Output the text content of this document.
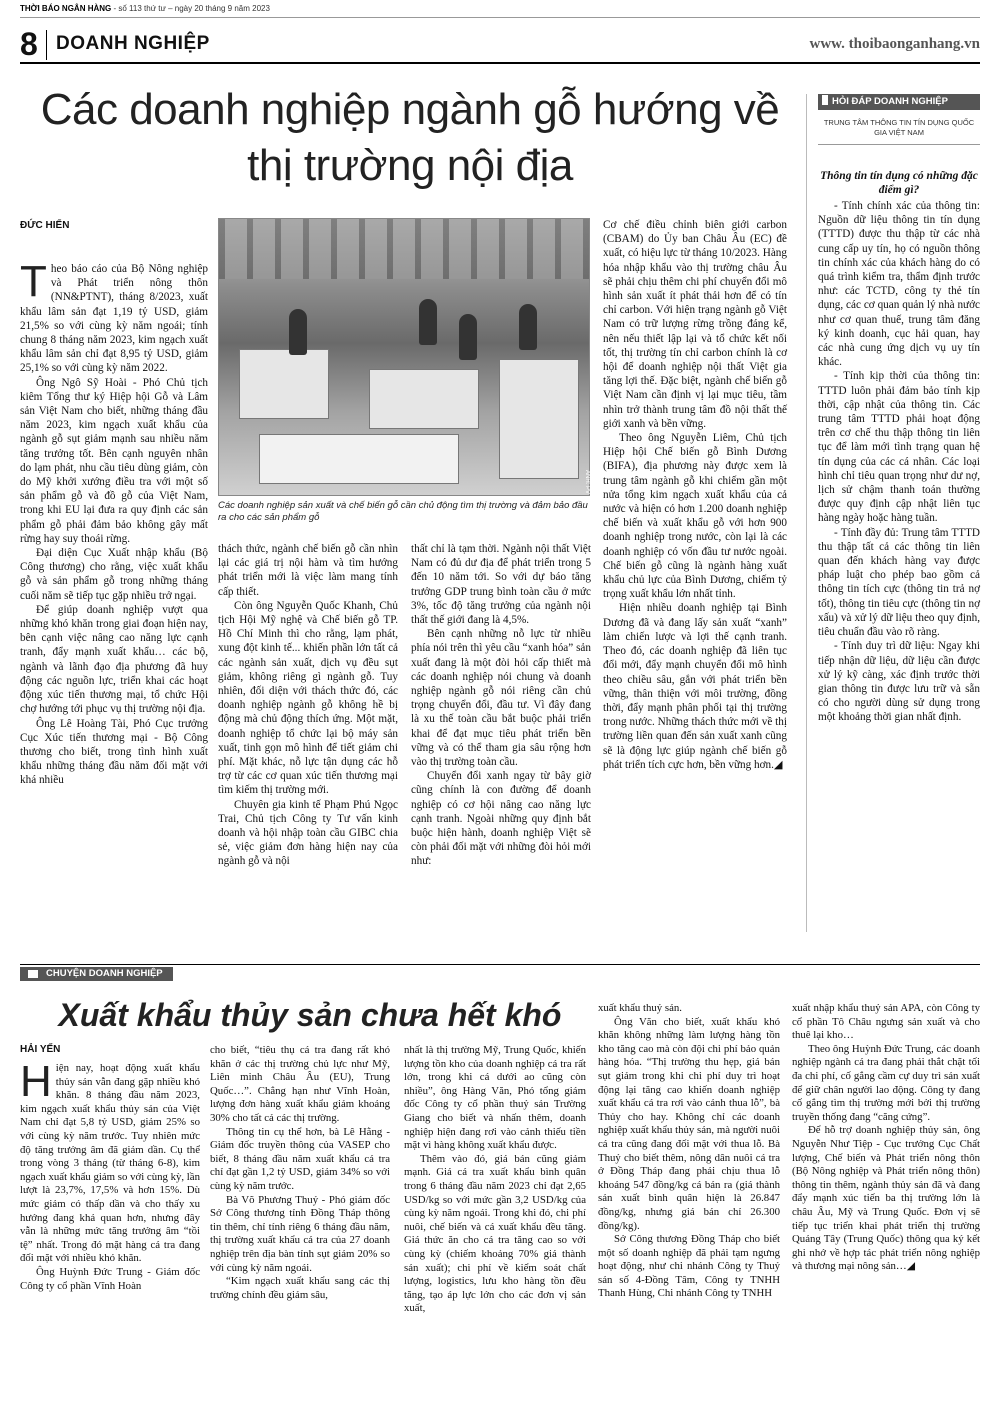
THỜI BÁO NGÂN HÀNG - số 113 thứ tư – ngày 20 tháng 9 năm 2023
8 DOANH NGHIỆP	www. thoibaonganhang.vn
Các doanh nghiệp ngành gỗ hướng về thị trường nội địa
ĐỨC HIỂN

Theo báo cáo của Bộ Nông nghiệp và Phát triển nông thôn (NN&PTNT), tháng 8/2023, xuất khẩu lâm sản đạt 1,19 tỷ USD, giảm 21,5% so với cùng kỳ năm ngoái; tính chung 8 tháng năm 2023, kim ngạch xuất khẩu lâm sản chỉ đạt 8,95 tỷ USD, giảm 25,1% so với cùng kỳ năm 2022.

Ông Ngô Sỹ Hoài - Phó Chủ tịch kiêm Tổng thư ký Hiệp hội Gỗ và Lâm sản Việt Nam cho biết, những tháng đầu năm 2023, kim ngạch xuất khẩu của ngành gỗ sụt giảm mạnh sau nhiều năm tăng trưởng tốt. Bên cạnh nguyên nhân do lạm phát, nhu cầu tiêu dùng giảm, còn do Mỹ khởi xướng điều tra với một số sản phẩm gỗ và đồ gỗ của Việt Nam, trong khi EU lại đưa ra quy định các sản phẩm gỗ phải đảm bảo không gây mất rừng hay suy thoái rừng.

Đại diện Cục Xuất nhập khẩu (Bộ Công thương) cho rằng, việc xuất khẩu gỗ và sản phẩm gỗ trong những tháng cuối năm sẽ tiếp tục gặp nhiều trở ngại.

Để giúp doanh nghiệp vượt qua những khó khăn trong giai đoạn hiện nay, bên cạnh việc nâng cao năng lực cạnh tranh, đẩy mạnh xuất khẩu… các bộ, ngành và lãnh đạo địa phương đã huy động các nguồn lực, triển khai các hoạt động xúc tiến thương mại, tổ chức Hội chợ hướng tới phục vụ thị trường nội địa.

Ông Lê Hoàng Tài, Phó Cục trưởng Cục Xúc tiến thương mại - Bộ Công thương cho biết, trong tình hình xuất khẩu những tháng đầu năm đối mặt với khá nhiều

ẢNH: PV
Các doanh nghiệp sản xuất và chế biến gỗ cần chủ động tìm thị trường và đảm bảo đầu ra cho các sản phẩm gỗ

thách thức, ngành chế biến gỗ cần nhìn lại các giá trị nội hàm và tìm hướng phát triển mới là việc làm mang tính cấp thiết.

Còn ông Nguyễn Quốc Khanh, Chủ tịch Hội Mỹ nghệ và Chế biến gỗ TP. Hồ Chí Minh thì cho rằng, lạm phát, xung đột kinh tế... khiến phần lớn tất cả các ngành sản xuất, dịch vụ đều sụt giảm, không riêng gì ngành gỗ. Tuy nhiên, đối diện với thách thức đó, các doanh nghiệp ngành gỗ không hề bị động mà chủ động thích ứng. Một mặt, doanh nghiệp tổ chức lại bộ máy sản xuất, tinh gọn mô hình để tiết giảm chi phí. Mặt khác, nỗ lực tận dụng các hỗ trợ từ các cơ quan xúc tiến thương mại tìm kiếm thị trường mới.

Chuyên gia kinh tế Phạm Phú Ngọc Trai, Chủ tịch Công ty Tư vấn kinh doanh và hội nhập toàn cầu GIBC chia sẻ, việc giảm đơn hàng hiện nay của ngành gỗ và nội

thất chỉ là tạm thời. Ngành nội thất Việt Nam có đủ dư địa để phát triển trong 5 đến 10 năm tới. So với dự báo tăng trưởng GDP trung bình toàn cầu ở mức 3%, tốc độ tăng trưởng của ngành nội thất thế giới đang là 4,5%.

Bên cạnh những nỗ lực từ nhiều phía nói trên thì yêu cầu “xanh hóa” sản xuất đang là một đòi hỏi cấp thiết mà các doanh nghiệp nói chung và doanh nghiệp ngành gỗ nói riêng cần chủ trọng chuyển đổi, đầu tư. Vì đây đang là xu thế toàn cầu bắt buộc phải triển khai để đạt mục tiêu phát triển bền vững và có thể tham gia sâu rộng hơn vào thị trường toàn cầu.

Chuyển đổi xanh ngay từ bây giờ cũng chính là con đường để doanh nghiệp có cơ hội nâng cao năng lực cạnh tranh. Ngoài những quy định bắt buộc hiện hành, doanh nghiệp Việt sẽ còn phải đối mặt với những đòi hỏi mới như:

Cơ chế điều chỉnh biên giới carbon (CBAM) do Ủy ban Châu Âu (EC) đề xuất, có hiệu lực từ tháng 10/2023. Hàng hóa nhập khẩu vào thị trường châu Âu sẽ phải chịu thêm chi phí chuyển đổi mô hình sản xuất ít phát thải hơn để có tín chỉ carbon. Với hiện trạng ngành gỗ Việt Nam có trữ lượng rừng trồng đáng kể, nên nếu thiết lập lại và tổ chức kết nối tốt, thị trường tín chỉ carbon chính là cơ hội để doanh nghiệp nội thất Việt gia tăng lợi thế. Đặc biệt, ngành chế biến gỗ Việt Nam cần định vị lại mục tiêu, tầm nhìn trở thành trung tâm đồ nội thất thế giới xanh và bền vững.

Theo ông Nguyễn Liêm, Chủ tịch Hiệp hội Chế biến gỗ Bình Dương (BIFA), địa phương này được xem là trung tâm ngành gỗ khi chiếm gần một nửa tổng kim ngạch xuất khẩu của cả nước và hiện có hơn 1.200 doanh nghiệp chế biến và xuất khẩu gỗ với hơn 900 doanh nghiệp trong nước, còn lại là các doanh nghiệp có vốn đầu tư nước ngoài. Chế biến gỗ cũng là ngành hàng xuất khẩu chủ lực của Bình Dương, chiếm tỷ trọng xuất khẩu lớn nhất tỉnh.

Hiện nhiều doanh nghiệp tại Bình Dương đã và đang lấy sản xuất “xanh” làm chiến lược và lợi thế cạnh tranh. Theo đó, các doanh nghiệp đã liên tục đổi mới, đẩy mạnh chuyển đổi mô hình theo chiều sâu, gắn với phát triển bền vững, thân thiện với môi trường, đồng thời, đẩy mạnh phân phối tại thị trường trong nước. Những thách thức mới về thị trường liền quan đến sản xuất xanh cũng sẽ là động lực giúp ngành chế biến gỗ phát triển tích cực hơn, bền vững hơn.◢

HỎI ĐÁP DOANH NGHIỆP
TRUNG TÂM THÔNG TIN TÍN DỤNG QUỐC GIA VIỆT NAM
Thông tin tín dụng có những đặc điểm gì?

- Tính chính xác của thông tin: Nguồn dữ liệu thông tin tín dụng (TTTD) được thu thập từ các nhà cung cấp uy tín, họ có nguồn thông tin chính xác của khách hàng do có quá trình kiểm tra, thẩm định trước như: các TCTD, công ty thẻ tín dụng, các cơ quan quản lý nhà nước như cơ quan thuế, trung tâm đăng ký kinh doanh, cục hải quan, hay các nhà cung ứng dịch vụ uy tín khác.

- Tính kịp thời của thông tin: TTTD luôn phải đảm bảo tính kịp thời, cập nhật của thông tin. Các trung tâm TTTD phải hoạt động trên cơ chế thu thập thông tin liên tục để làm mới tình trạng quan hệ tín dụng của các cá nhân. Các loại hình chỉ tiêu quan trọng như dư nợ, lịch sử chậm thanh toán thường được quy định cập nhật liên tục hàng ngày hoặc hàng tuần.

- Tính đầy đủ: Trung tâm TTTD thu thập tất cả các thông tin liên quan đến khách hàng vay được pháp luật cho phép bao gồm cả thông tin tích cực (thông tin trả nợ tốt), thông tin tiêu cực (thông tin nợ xấu) và xử lý dữ liệu theo quy định, tiêu chuẩn đầu vào rõ ràng.

- Tính duy trì dữ liệu: Ngay khi tiếp nhận dữ liệu, dữ liệu cần được xử lý kỹ càng, xác định trước thời gian thông tin được lưu trữ và sẵn có cho người dùng sử dụng trong một khoảng thời gian nhất định.

CHUYỆN DOANH NGHIỆP
Xuất khẩu thủy sản chưa hết khó
HẢI YẾN

Hiện nay, hoạt động xuất khẩu thủy sản vẫn đang gặp nhiều khó khăn. 8 tháng đầu năm 2023, kim ngạch xuất khẩu thủy sản của Việt Nam chỉ đạt 5,8 tỷ USD, giảm 25% so với cùng kỳ năm trước. Tuy nhiên mức độ tăng trưởng âm đã giảm dần. Cụ thể trong vòng 3 tháng (từ tháng 6-8), kim ngạch xuất khẩu giảm so với cùng kỳ, lần lượt là 23,7%, 17,5% và hơn 15%. Dù mức giảm có thấp dần và cho thấy xu hướng đang khả quan hơn, nhưng đây vẫn là những mức tăng trưởng âm “tồi tệ” nhất. Trong đó mặt hàng cá tra đang đối mặt với nhiều khó khăn.

Ông Huỳnh Đức Trung - Giám đốc Công ty cổ phần Vĩnh Hoàn

cho biết, “tiêu thụ cá tra đang rất khó khăn ở các thị trường chủ lực như Mỹ, Liên minh Châu Âu (EU), Trung Quốc…”. Chẳng hạn như Vĩnh Hoàn, lượng đơn hàng xuất khẩu giảm khoảng 30% cho tất cả các thị trường.

Thông tin cụ thể hơn, bà Lê Hằng - Giám đốc truyền thông của VASEP cho biết, 8 tháng đầu năm xuất khẩu cá tra chỉ đạt gần 1,2 tỷ USD, giảm 34% so với cùng kỳ năm trước.

Bà Võ Phương Thuỷ - Phó giám đốc Sở Công thương tỉnh Đồng Tháp thông tin thêm, chỉ tính riêng 6 tháng đầu năm, thị trường xuất khẩu cá tra của 27 doanh nghiệp trên địa bàn tỉnh sụt giảm 20% so với cùng kỳ năm ngoái.

“Kim ngạch xuất khẩu sang các thị trường chính đều giảm sâu,

nhất là thị trường Mỹ, Trung Quốc, khiến lượng tồn kho của doanh nghiệp cá tra rất lớn, trong khi cá dưới ao cũng còn nhiều”, ông Hàng Văn, Phó tổng giám đốc Công ty cổ phần thuỷ sản Trường Giang cho biết và nhấn thêm, doanh nghiệp hiện đang rơi vào cảnh thiếu tiền mặt vì hàng không xuất khẩu được.

Thêm vào đó, giá bán cũng giảm mạnh. Giá cá tra xuất khẩu bình quân trong 6 tháng đầu năm 2023 chỉ đạt 2,65 USD/kg so với mức gần 3,2 USD/kg của cùng kỳ năm ngoái. Trong khi đó, chi phí nuôi, chế biến và cá xuất khẩu đều tăng. Giá thức ăn cho cá tra tăng cao so với cùng kỳ (chiếm khoảng 70% giá thành sản xuất); chi phí về kiểm soát chất lượng, logistics, lưu kho hàng tồn đều tăng, tạo áp lực lớn cho các đơn vị sản xuất,

xuất khẩu thuỷ sản.

Ông Văn cho biết, xuất khẩu khó khăn không những làm lượng hàng tồn kho tăng cao mà còn đội chi phí bảo quản hàng hóa. “Thị trường thu hẹp, giá bán sụt giảm trong khi chi phí duy trì hoạt động lại tăng cao khiến doanh nghiệp xuất khẩu cá tra rơi vào cảnh thua lỗ”, bà Thủy cho hay. Không chỉ các doanh nghiệp xuất khẩu thủy sản, mà người nuôi cá tra cũng đang đối mặt với thua lỗ. Bà Thuỷ cho biết thêm, nông dân nuôi cá tra ở Đồng Tháp đang phải chịu thua lỗ khoảng 547 đồng/kg cá bán ra (giá thành sản xuất bình quân hiện là 26.847 đồng/kg, nhưng giá bán chỉ 26.300 đồng/kg).

Sở Công thương Đồng Tháp cho biết một số doanh nghiệp đã phải tạm ngưng hoạt động, như chi nhánh Công ty Thuỷ sản số 4-Đồng Tâm, Công ty TNHH Thanh Hùng, Chi nhánh Công ty TNHH

xuất nhập khẩu thuỷ sản APA, còn Công ty cổ phần Tô Châu ngưng sản xuất và cho thuê lại kho…

Theo ông Huỳnh Đức Trung, các doanh nghiệp ngành cá tra đang phải thắt chặt tối đa chi phí, cố gắng cầm cự duy trì sản xuất để giữ chân người lao động. Công ty đang cố gắng tìm thị trường mới bởi thị trường truyền thống đang “căng cứng”.

Để hỗ trợ doanh nghiệp thủy sản, ông Nguyễn Như Tiệp - Cục trưởng Cục Chất lượng, Chế biến và Phát triển nông thôn (Bộ Nông nghiệp và Phát triển nông thôn) thông tin thêm, ngành thủy sản đã và đang đẩy mạnh xúc tiến ba thị trường lớn là châu Âu, Mỹ và Trung Quốc. Đơn vị sẽ tiếp tục triển khai phát triển thị trường Quảng Tây (Trung Quốc) thông qua ký kết ghi nhớ về hợp tác phát triển nông nghiệp và thương mại nông sản…◢
